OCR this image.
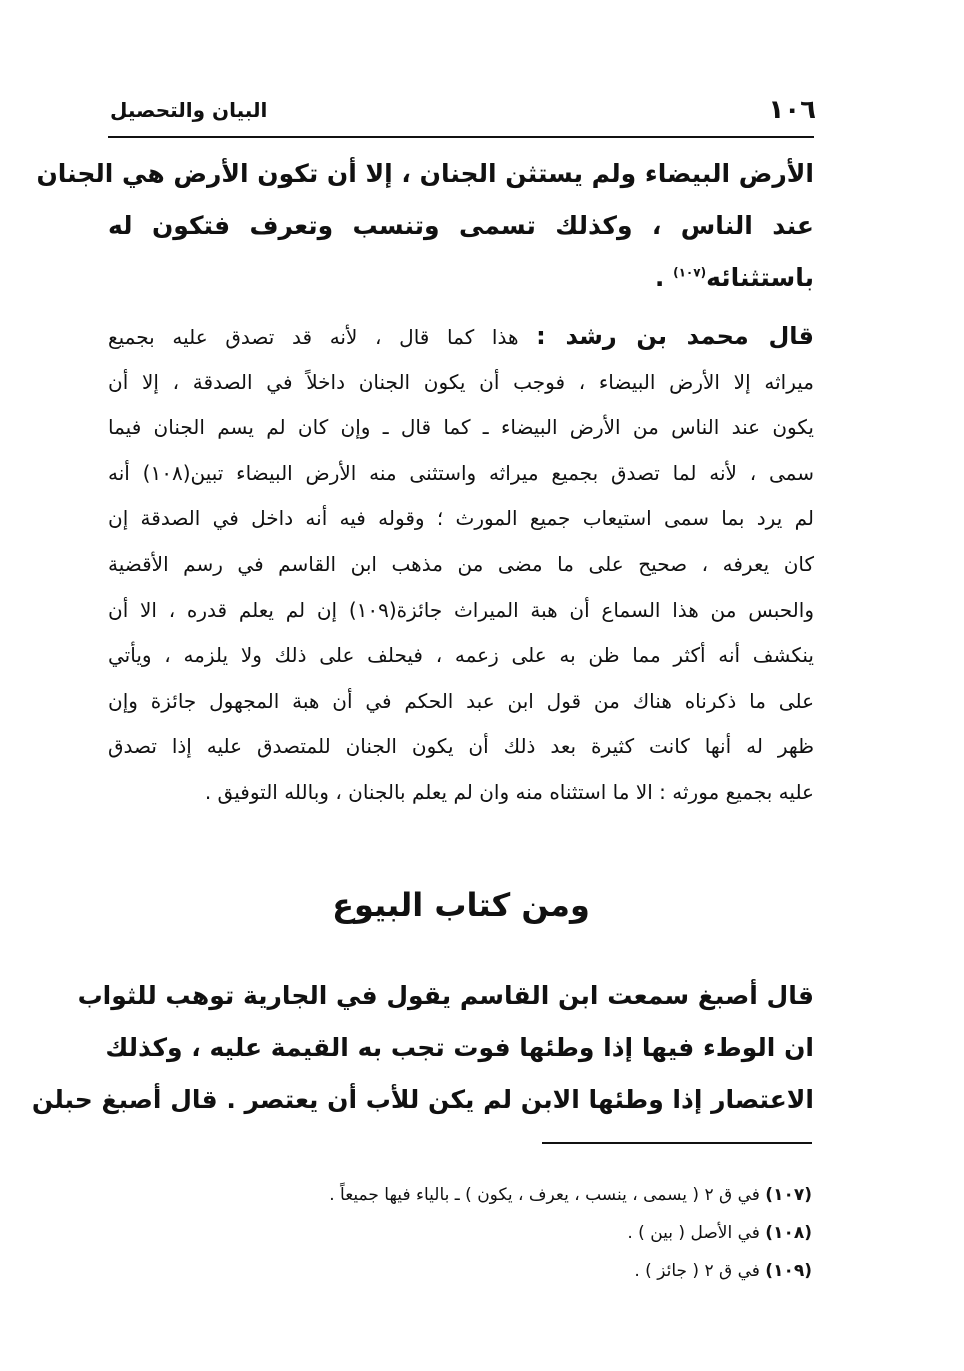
١٠٦
البيان والتحصيل
الأرض البيضاء ولم يستثن الجنان ، إلا أن تكون الأرض هي الجنان
عند الناس ، وكذلك تسمى وتنسب وتعرف فتكون له
باستثنائه$^{(١٠٧)}$ .
قال محمد بن رشد : هذا كما قال ، لأنه قد تصدق عليه بجميع
ميراثه إلا الأرض البيضاء ، فوجب أن يكون الجنان داخلاً في الصدقة ، إلا أن
يكون عند الناس من الأرض البيضاء ـ كما قال ـ وإن كان لم يسم الجنان فيما
سمى ، لأنه لما تصدق بجميع ميراثه واستثنى منه الأرض البيضاء تبين(١٠٨) أنه
لم يرد بما سمى استيعاب جميع المورث ؛ وقوله فيه أنه داخل في الصدقة إن
كان يعرفه ، صحيح على ما مضى من مذهب ابن القاسم في رسم الأقضية
والحبس من هذا السماع أن هبة الميراث جائزة(١٠٩) إن لم يعلم قدره ، الا أن
ينكشف أنه أكثر مما ظن به على زعمه ، فيحلف على ذلك ولا يلزمه ، ويأتي
على ما ذكرناه هناك من قول ابن عبد الحكم في أن هبة المجهول جائزة وإن
ظهر له أنها كانت كثيرة بعد ذلك أن يكون الجنان للمتصدق عليه إذا تصدق
عليه بجميع مورثه : الا ما استثناه منه وان لم يعلم بالجنان ، وبالله التوفيق .
ومن كتاب البيوع
قال أصبغ سمعت ابن القاسم يقول في الجارية توهب للثواب
ان الوطء فيها إذا وطئها فوت تجب به القيمة عليه ، وكذلك
الاعتصار إذا وطئها الابن لم يكن للأب أن يعتصر . قال أصبغ حبلن
(١٠٧) في ق ٢ ( يسمى ، ينسب ، يعرف ، يكون ) ـ بالياء فيها جميعاً .
(١٠٨) في الأصل ( بين ) .
(١٠٩) في ق ٢ ( جائز ) .
